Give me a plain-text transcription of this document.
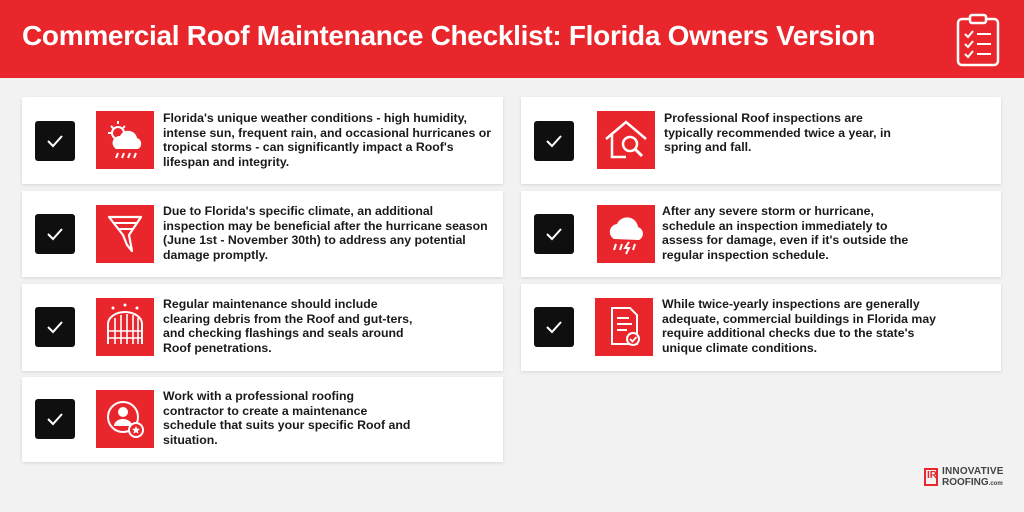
Commercial Roof Maintenance Checklist: Florida Owners Version
Florida's unique weather conditions - high humidity, intense sun, frequent rain, and occasional hurricanes or tropical storms - can significantly impact a Roof's lifespan and integrity.
Due to Florida's specific climate, an additional inspection may be beneficial after the hurricane season (June 1st - November 30th) to address any potential damage promptly.
Regular maintenance should include clearing debris from the Roof and gut-ters, and checking flashings and seals around Roof penetrations.
Work with a professional roofing contractor to create a maintenance schedule that suits your specific Roof and situation.
Professional Roof inspections are typically recommended twice a year, in spring and fall.
After any severe storm or hurricane, schedule an inspection immediately to assess for damage, even if it's outside the regular inspection schedule.
While twice-yearly inspections are generally adequate, commercial buildings in Florida may require additional checks due to the state's unique climate conditions.
IR INNOVATIVE
ROOFING.com
